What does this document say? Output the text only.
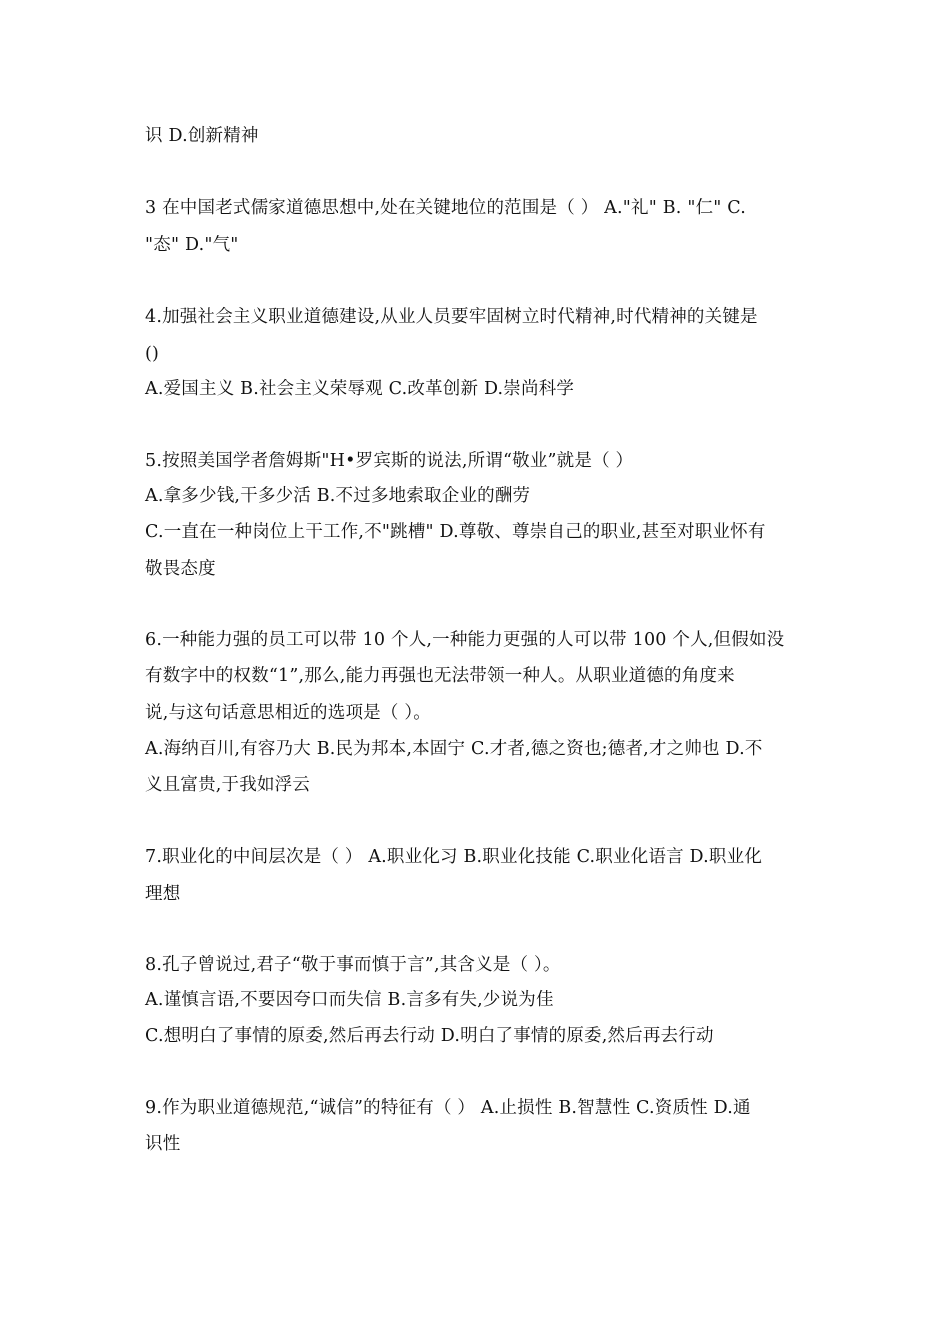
识 D.创新精神
3 在中国老式儒家道德思想中,处在关键地位的范围是（ ） A."礼" B. "仁" C.
"态" D."气"
4.加强社会主义职业道德建设,从业人员要牢固树立时代精神,时代精神的关键是
()
A.爱国主义 B.社会主义荣辱观 C.改革创新 D.崇尚科学
5.按照美国学者詹姆斯"H•罗宾斯的说法,所谓“敬业”就是（ ）
A.拿多少钱,干多少活 B.不过多地索取企业的酬劳
C.一直在一种岗位上干工作,不"跳槽" D.尊敬、尊崇自己的职业,甚至对职业怀有
敬畏态度
6.一种能力强的员工可以带 10 个人,一种能力更强的人可以带 100 个人,但假如没
有数字中的权数“1”,那么,能力再强也无法带领一种人。从职业道德的角度来
说,与这句话意思相近的选项是（ ）。
A.海纳百川,有容乃大 B.民为邦本,本固宁 C.才者,德之资也;德者,才之帅也 D.不
义且富贵,于我如浮云
7.职业化的中间层次是（ ） A.职业化习 B.职业化技能 C.职业化语言 D.职业化
理想
8.孔子曾说过,君子“敬于事而慎于言”,其含义是（ ）。
A.谨慎言语,不要因夸口而失信 B.言多有失,少说为佳
C.想明白了事情的原委,然后再去行动 D.明白了事情的原委,然后再去行动
9.作为职业道德规范,“诚信”的特征有（ ） A.止损性 B.智慧性 C.资质性 D.通
识性
